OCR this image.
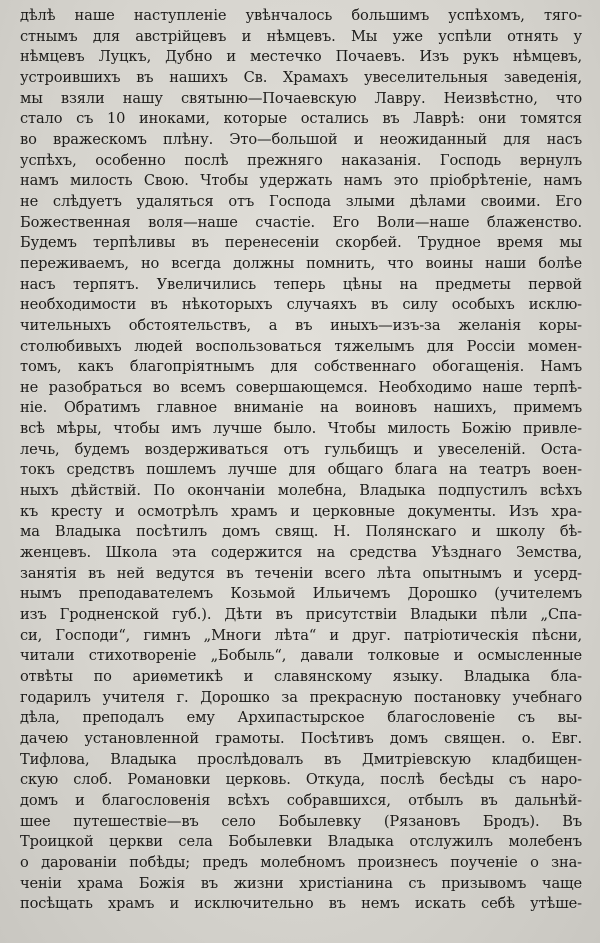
дѣлѣ наше наступленіе увѣнчалось большимъ успѣхомъ, тяго-
стнымъ для австрійцевъ и нѣмцевъ. Мы уже успѣли отнять у
нѣмцевъ Луцкъ, Дубно и местечко Почаевъ. Изъ рукъ нѣмцевъ,
устроившихъ въ нашихъ Св. Храмахъ увеселительныя заведенія,
мы взяли нашу святыню—Почаевскую Лавру. Неизвѣстно, что
стало съ 10 иноками, которые остались въ Лаврѣ: они томятся
во вражескомъ плѣну. Это—большой и неожиданный для насъ
успѣхъ, особенно послѣ прежняго наказанія. Господь вернулъ
намъ милость Свою. Чтобы удержать намъ это пріобрѣтеніе, намъ
не слѣдуетъ удаляться отъ Господа злыми дѣлами своими. Его
Божественная воля—наше счастіе. Его Воли—наше блаженство.
Будемъ терпѣливы въ перенесеніи скорбей. Трудное время мы
переживаемъ, но всегда должны помнить, что воины наши болѣе
насъ терпятъ. Увеличились теперь цѣны на предметы первой
необходимости въ нѣкоторыхъ случаяхъ въ силу особыхъ исклю-
чительныхъ обстоятельствъ, а въ иныхъ—изъ-за желанія коры-
столюбивыхъ людей воспользоваться тяжелымъ для Россіи момен-
томъ, какъ благопріятнымъ для собственнаго обогащенія. Намъ
не разобраться во всемъ совершающемся. Необходимо наше терпѣ-
ніе. Обратимъ главное вниманіе на воиновъ нашихъ, примемъ
всѣ мѣры, чтобы имъ лучше было. Чтобы милость Божію привле-
лечь, будемъ воздерживаться отъ гульбищъ и увеселеній. Оста-
токъ средствъ пошлемъ лучше для общаго блага на театръ воен-
ныхъ дѣйствій. По окончаніи молебна, Владыка подпустилъ всѣхъ
къ кресту и осмотрѣлъ храмъ и церковные документы. Изъ хра-
ма Владыка посѣтилъ домъ свящ. Н. Полянскаго и школу бѣ-
женцевъ. Школа эта содержится на средства Уѣзднаго Земства,
занятія въ ней ведутся въ теченіи всего лѣта опытнымъ и усерд-
нымъ преподавателемъ Козьмой Ильичемъ Дорошко (учителемъ
изъ Гродненской губ.). Дѣти въ присутствіи Владыки пѣли „Спа-
си, Господи“, гимнъ „Многи лѣта“ и друг. патріотическія пѣсни,
читали стихотвореніе „Бобыль“, давали толковые и осмысленные
отвѣты по ариѳметикѣ и славянскому языку. Владыка бла-
годарилъ учителя г. Дорошко за прекрасную постановку учебнаго
дѣла, преподалъ ему Архипастырское благословеніе съ вы-
дачею установленной грамоты. Посѣтивъ домъ священ. о. Евг.
Тифлова, Владыка прослѣдовалъ въ Дмитріевскую кладбищен-
скую слоб. Романовки церковь. Откуда, послѣ бесѣды съ наро-
домъ и благословенія всѣхъ собравшихся, отбылъ въ дальнѣй-
шее путешествіе—въ село Бобылевку (Рязановъ Бродъ). Въ
Троицкой церкви села Бобылевки Владыка отслужилъ молебенъ
о дарованіи побѣды; предъ молебномъ произнесъ поученіе о зна-
ченіи храма Божія въ жизни христіанина съ призывомъ чаще
посѣщать храмъ и исключительно въ немъ искать себѣ утѣше-
